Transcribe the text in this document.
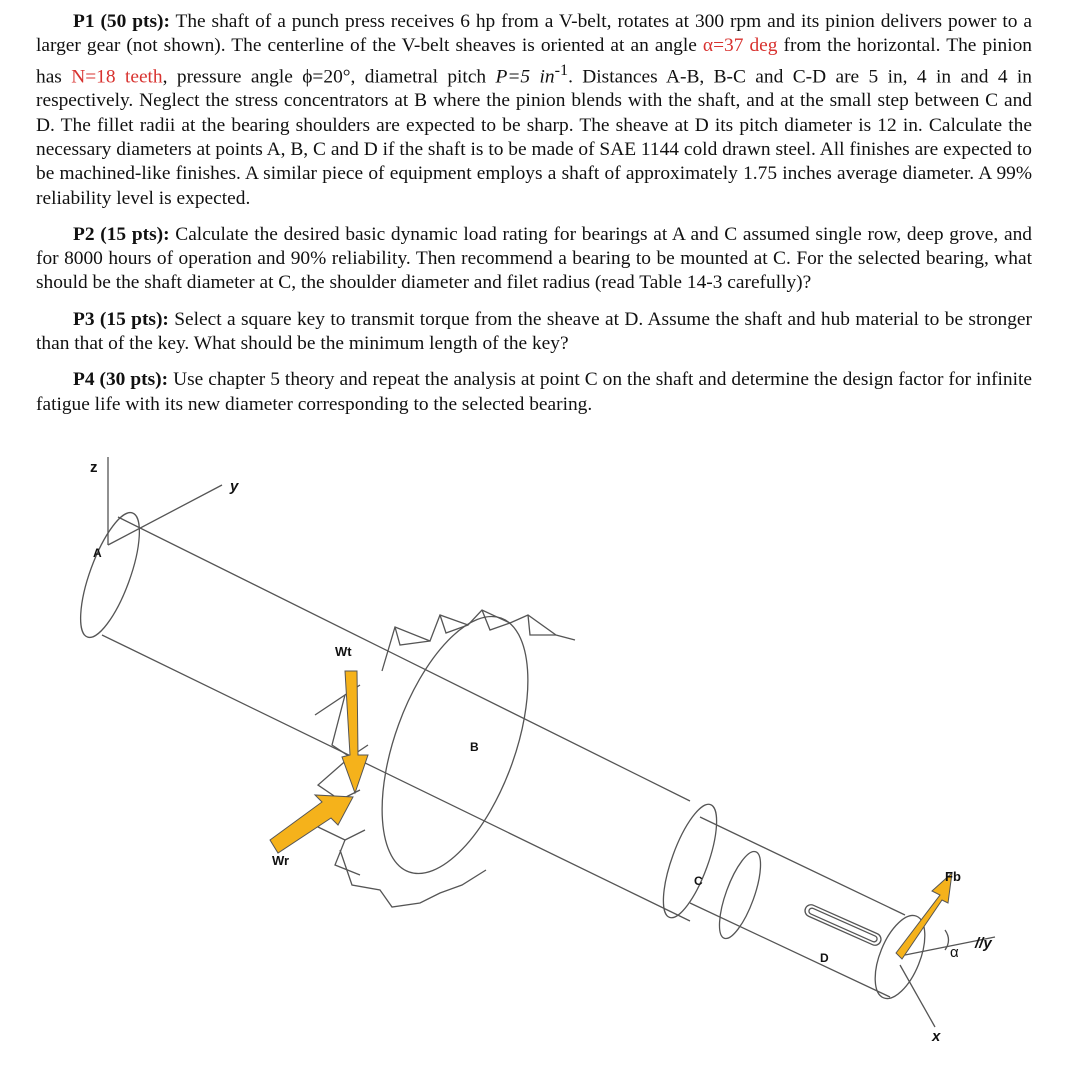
P1 (50 pts): The shaft of a punch press receives 6 hp from a V-belt, rotates at 300 rpm and its pinion delivers power to a larger gear (not shown). The centerline of the V-belt sheaves is oriented at an angle α=37 deg from the horizontal. The pinion has N=18 teeth, pressure angle ϕ=20°, diametral pitch P=5 $in^{-1}$. Distances A-B, B-C and C-D are 5 in, 4 in and 4 in respectively. Neglect the stress concentrators at B where the pinion blends with the shaft, and at the small step between C and D. The fillet radii at the bearing shoulders are expected to be sharp. The sheave at D its pitch diameter is 12 in. Calculate the necessary diameters at points A, B, C and D if the shaft is to be made of SAE 1144 cold drawn steel. All finishes are expected to be machined-like finishes. A similar piece of equipment employs a shaft of approximately 1.75 inches average diameter. A 99% reliability level is expected.

P2 (15 pts): Calculate the desired basic dynamic load rating for bearings at A and C assumed single row, deep grove, and for 8000 hours of operation and 90% reliability. Then recommend a bearing to be mounted at C. For the selected bearing, what should be the shaft diameter at C, the shoulder diameter and filet radius (read Table 14-3 carefully)?

P3 (15 pts): Select a square key to transmit torque from the sheave at D. Assume the shaft and hub material to be stronger than that of the key. What should be the minimum length of the key?

P4 (30 pts): Use chapter 5 theory and repeat the analysis at point C on the shaft and determine the design factor for infinite fatigue life with its new diameter corresponding to the selected bearing.

z
y
A
Wt
B
Wr
C	Fb
D	α
//y
x
